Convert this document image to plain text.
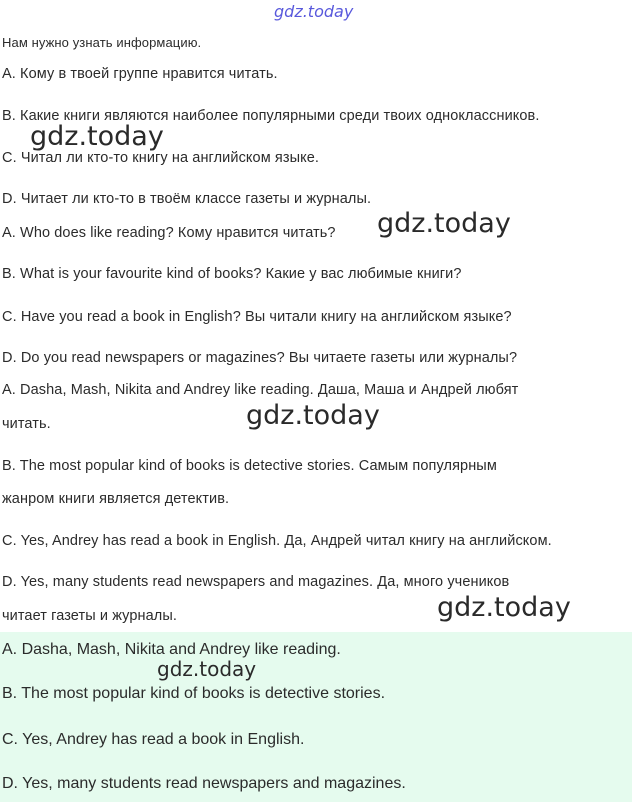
gdz.today
Нам нужно узнать информацию.
A. Кому в твоей группе нравится читать.
B. Какие книги являются наиболее популярными среди твоих одноклассников.
C. Читал ли кто-то книгу на английском языке.
D. Читает ли кто-то в твоём классе газеты и журналы.
A. Who does like reading? Кому нравится читать?
B. What is your favourite kind of books? Какие у вас любимые книги?
C. Have you read a book in English? Вы читали книгу на английском языке?
D. Do you read newspapers or magazines? Вы читаете газеты или журналы?
A. Dasha, Mash, Nikita and Andrey like reading. Даша, Маша и Андрей любят
читать.
B. The most popular kind of books is detective stories. Самым популярным
жанром книги является детектив.
C. Yes, Andrey has read a book in English. Да, Андрей читал книгу на английском.
D. Yes, many students read newspapers and magazines. Да, много учеников
читает газеты и журналы.
A. Dasha, Mash, Nikita and Andrey like reading.
B. The most popular kind of books is detective stories.
C. Yes, Andrey has read a book in English.
D. Yes, many students read newspapers and magazines.
gdz.today
gdz.today
gdz.today
gdz.today
gdz.today
